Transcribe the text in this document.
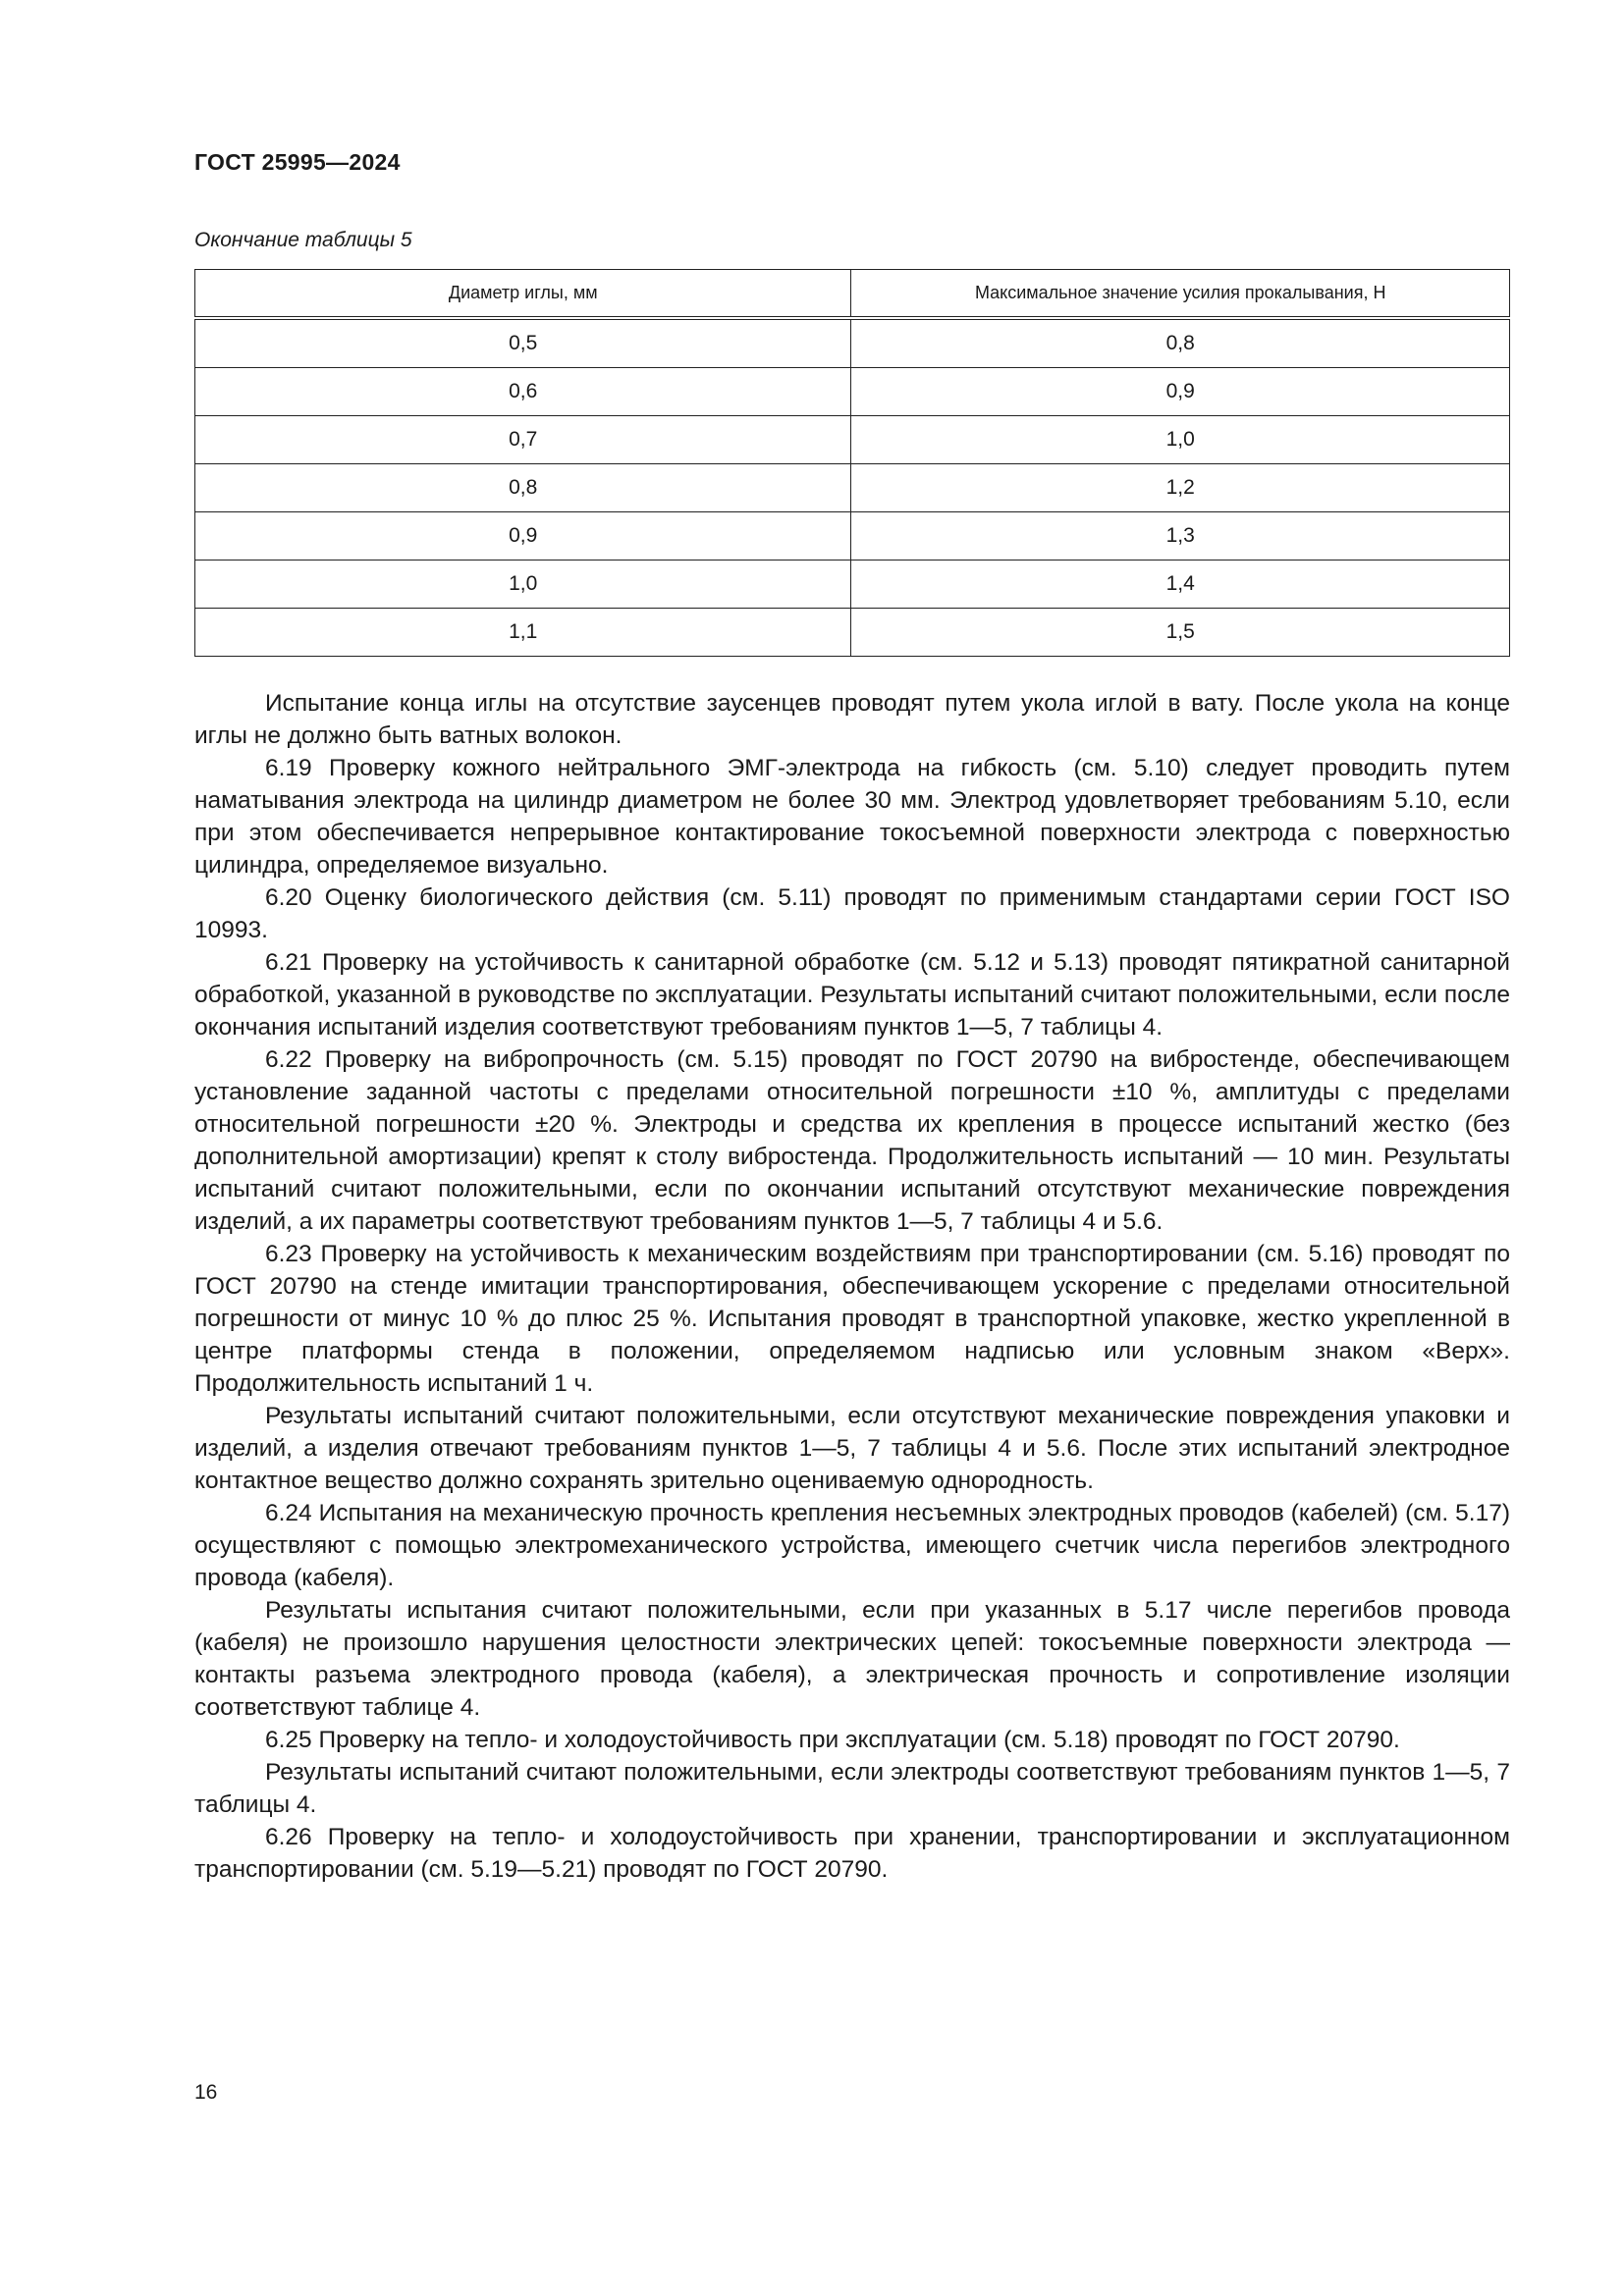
ГОСТ 25995—2024
Окончание таблицы 5
Диаметр иглы, мм	Максимальное значение усилия прокалывания, Н
0,5	0,8
0,6	0,9
0,7	1,0
0,8	1,2
0,9	1,3
1,0	1,4
1,1	1,5

Испытание конца иглы на отсутствие заусенцев проводят путем укола иглой в вату. После укола на конце иглы не должно быть ватных волокон.

6.19 Проверку кожного нейтрального ЭМГ-электрода на гибкость (см. 5.10) следует проводить путем наматывания электрода на цилиндр диаметром не более 30 мм. Электрод удовлетворяет требованиям 5.10, если при этом обеспечивается непрерывное контактирование токосъемной поверхности электрода с поверхностью цилиндра, определяемое визуально.

6.20 Оценку биологического действия (см. 5.11) проводят по применимым стандартами серии ГОСТ ISO 10993.

6.21 Проверку на устойчивость к санитарной обработке (см. 5.12 и 5.13) проводят пятикратной санитарной обработкой, указанной в руководстве по эксплуатации. Результаты испытаний считают положительными, если после окончания испытаний изделия соответствуют требованиям пунктов 1—5, 7 таблицы 4.

6.22 Проверку на вибропрочность (см. 5.15) проводят по ГОСТ 20790 на вибростенде, обеспечивающем установление заданной частоты с пределами относительной погрешности ±10 %, амплитуды с пределами относительной погрешности ±20 %. Электроды и средства их крепления в процессе испытаний жестко (без дополнительной амортизации) крепят к столу вибростенда. Продолжительность испытаний — 10 мин. Результаты испытаний считают положительными, если по окончании испытаний отсутствуют механические повреждения изделий, а их параметры соответствуют требованиям пунктов 1—5, 7 таблицы 4 и 5.6.

6.23 Проверку на устойчивость к механическим воздействиям при транспортировании (см. 5.16) проводят по ГОСТ 20790 на стенде имитации транспортирования, обеспечивающем ускорение с пределами относительной погрешности от минус 10 % до плюс 25 %. Испытания проводят в транспортной упаковке, жестко укрепленной в центре платформы стенда в положении, определяемом надписью или условным знаком «Верх». Продолжительность испытаний 1 ч.

Результаты испытаний считают положительными, если отсутствуют механические повреждения упаковки и изделий, а изделия отвечают требованиям пунктов 1—5, 7 таблицы 4 и 5.6. После этих испытаний электродное контактное вещество должно сохранять зрительно оцениваемую однородность.

6.24 Испытания на механическую прочность крепления несъемных электродных проводов (кабелей) (см. 5.17) осуществляют с помощью электромеханического устройства, имеющего счетчик числа перегибов электродного провода (кабеля).

Результаты испытания считают положительными, если при указанных в 5.17 числе перегибов провода (кабеля) не произошло нарушения целостности электрических цепей: токосъемные поверхности электрода — контакты разъема электродного провода (кабеля), а электрическая прочность и сопротивление изоляции соответствуют таблице 4.

6.25 Проверку на тепло- и холодоустойчивость при эксплуатации (см. 5.18) проводят по ГОСТ 20790.

Результаты испытаний считают положительными, если электроды соответствуют требованиям пунктов 1—5, 7 таблицы 4.

6.26 Проверку на тепло- и холодоустойчивость при хранении, транспортировании и эксплуатационном транспортировании (см. 5.19—5.21) проводят по ГОСТ 20790.

16
